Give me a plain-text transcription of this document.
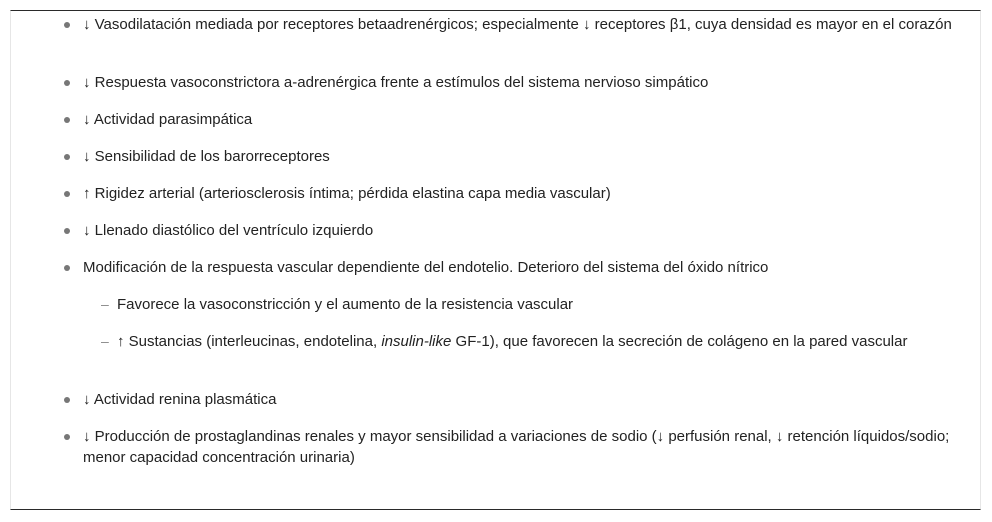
↓ Vasodilatación mediada por receptores betaadrenérgicos; especialmente ↓ receptores β1, cuya densidad es mayor en el corazón
↓ Respuesta vasoconstrictora a-adrenérgica frente a estímulos del sistema nervioso simpático
↓ Actividad parasimpática
↓ Sensibilidad de los barorreceptores
↑ Rigidez arterial (arteriosclerosis íntima; pérdida elastina capa media vascular)
↓ Llenado diastólico del ventrículo izquierdo
Modificación de la respuesta vascular dependiente del endotelio. Deterioro del sistema del óxido nítrico
– Favorece la vasoconstricción y el aumento de la resistencia vascular
– ↑ Sustancias (interleucinas, endotelina, insulin-like GF-1), que favorecen la secreción de colágeno en la pared vascular
↓ Actividad renina plasmática
↓ Producción de prostaglandinas renales y mayor sensibilidad a variaciones de sodio (↓ perfusión renal, ↓ retención líquidos/sodio; menor capacidad concentración urinaria)
